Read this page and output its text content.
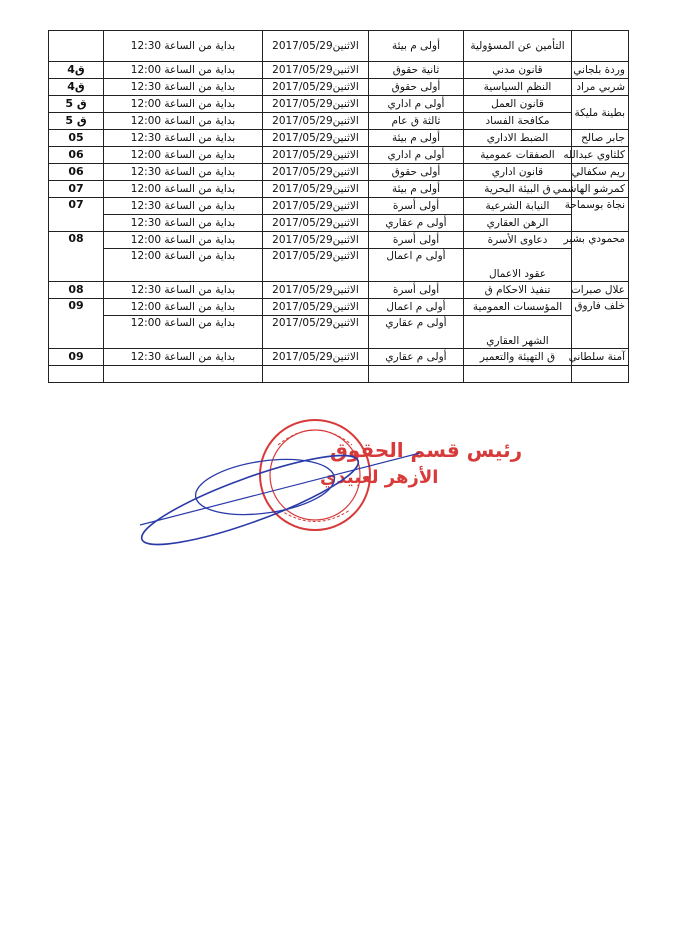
	بداية من الساعة 12:30	الاثنين2017/05/29	أولى م بيئة	التأمين عن المسؤولية	
ق4	بداية من الساعة 12:00	الاثنين2017/05/29	ثانية حقوق	قانون مدني	وردة بلجاني
ق4	بداية من الساعة 12:30	الاثنين2017/05/29	أولى حقوق	النظم السياسية	شربي مراد
ق 5	بداية من الساعة 12:00	الاثنين2017/05/29	أولى م اداري	قانون العمل	بطينة مليكة
ق 5	بداية من الساعة 12:00	الاثنين2017/05/29	ثالثة ق عام	مكافحة الفساد	
05	بداية من الساعة 12:30	الاثنين2017/05/29	أولى م بيئة	الضبط الاداري	جابر صالح
06	بداية من الساعة 12:00	الاثنين2017/05/29	أولى م اداري	الصفقات عمومية	كلثاوي عبدالله
06	بداية من الساعة 12:30	الاثنين2017/05/29	أولى حقوق	قانون اداري	ريم سكفالي
07	بداية من الساعة 12:00	الاثنين2017/05/29	أولى م بيئة	ق البيئة البحرية	كمرشو الهاشمي
07	بداية من الساعة 12:30	الاثنين2017/05/29	أولى أسرة	النيابة الشرعية	نجاة بوسماحة
	بداية من الساعة 12:30	الاثنين2017/05/29	أولى م عقاري	الرهن العقاري	
08	بداية من الساعة 12:00	الاثنين2017/05/29	أولى أسرة	دعاوى الأسرة	محمودي بشير
	بداية من الساعة 12:00	الاثنين2017/05/29	أولى م اعمال	عقود الاعمال	
08	بداية من الساعة 12:30	الاثنين2017/05/29	أولى أسرة	تنفيذ الاحكام ق	علال صبرات
09	بداية من الساعة 12:00	الاثنين2017/05/29	أولى م اعمال	المؤسسات العمومية	خلف فاروق
	بداية من الساعة 12:00	الاثنين2017/05/29	أولى م عقاري	الشهر العقاري	
09	بداية من الساعة 12:30	الاثنين2017/05/29	أولى م عقاري	ق التهيئة والتعمير	آمنة سلطاني

رئيس قسم الحقوق
الأزهر لعبيدي
